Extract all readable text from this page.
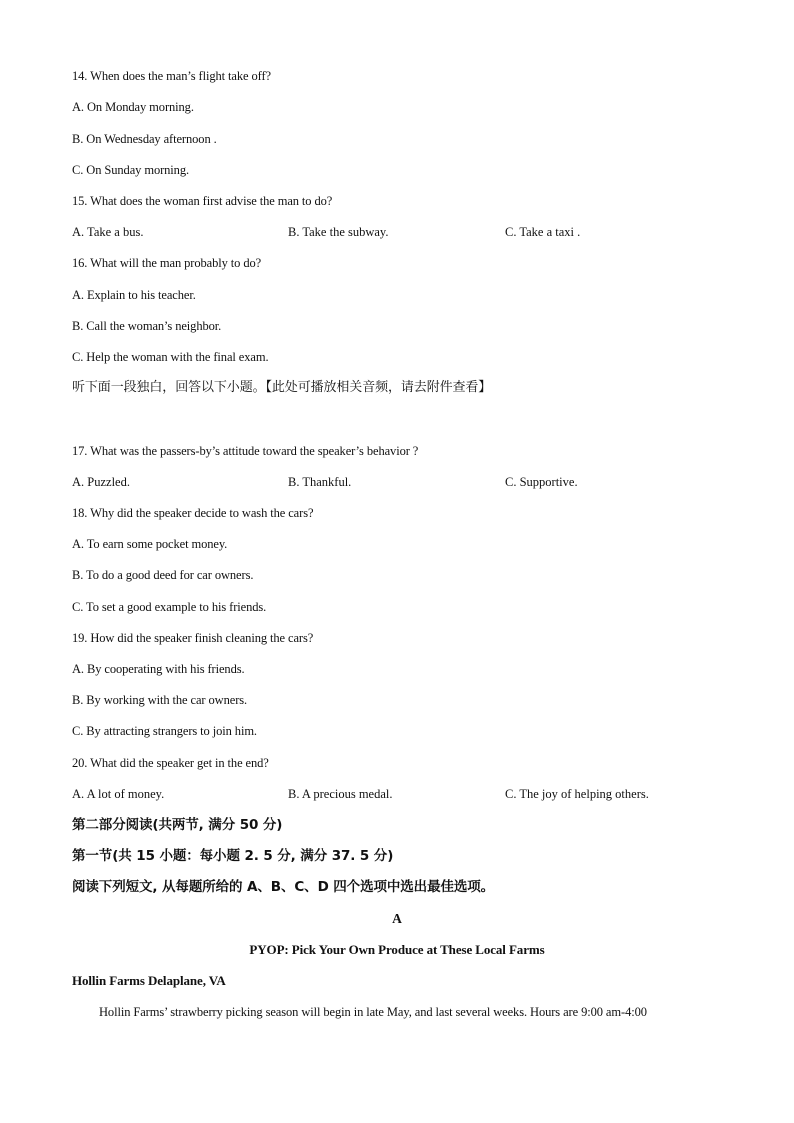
14. When does the man’s flight take off?
A. On Monday morning.
B. On Wednesday afternoon .
C. On Sunday morning.
15. What does the woman first advise the man to do?
A. Take a bus.	B. Take the subway.	C. Take a taxi .
16. What will the man probably to do?
A. Explain to his teacher.
B. Call the woman’s neighbor.
C. Help the woman with the final exam.
听下面一段独白，回答以下小题。【此处可播放相关音频，请去附件查看】
17. What was the passers-by’s attitude toward the speaker’s behavior ?
A. Puzzled.	B. Thankful.	C. Supportive.
18. Why did the speaker decide to wash the cars?
A. To earn some pocket money.
B. To do a good deed for car owners.
C. To set a good example to his friends.
19. How did the speaker finish cleaning the cars?
A. By cooperating with his friends.
B. By working with the car owners.
C. By attracting strangers to join him.
20. What did the speaker get in the end?
A. A lot of money.	B. A precious medal.	C. The joy of helping others.
第二部分阅读(共两节, 满分 50 分)
第一节(共 15 小题：每小题 2. 5 分, 满分 37. 5 分)
阅读下列短文, 从每题所给的 A、B、C、D 四个选项中选出最佳选项。
A
PYOP: Pick Your Own Produce at These Local Farms
Hollin Farms Delaplane, VA
Hollin Farms’ strawberry picking season will begin in late May, and last several weeks. Hours are 9:00 am-4:00
